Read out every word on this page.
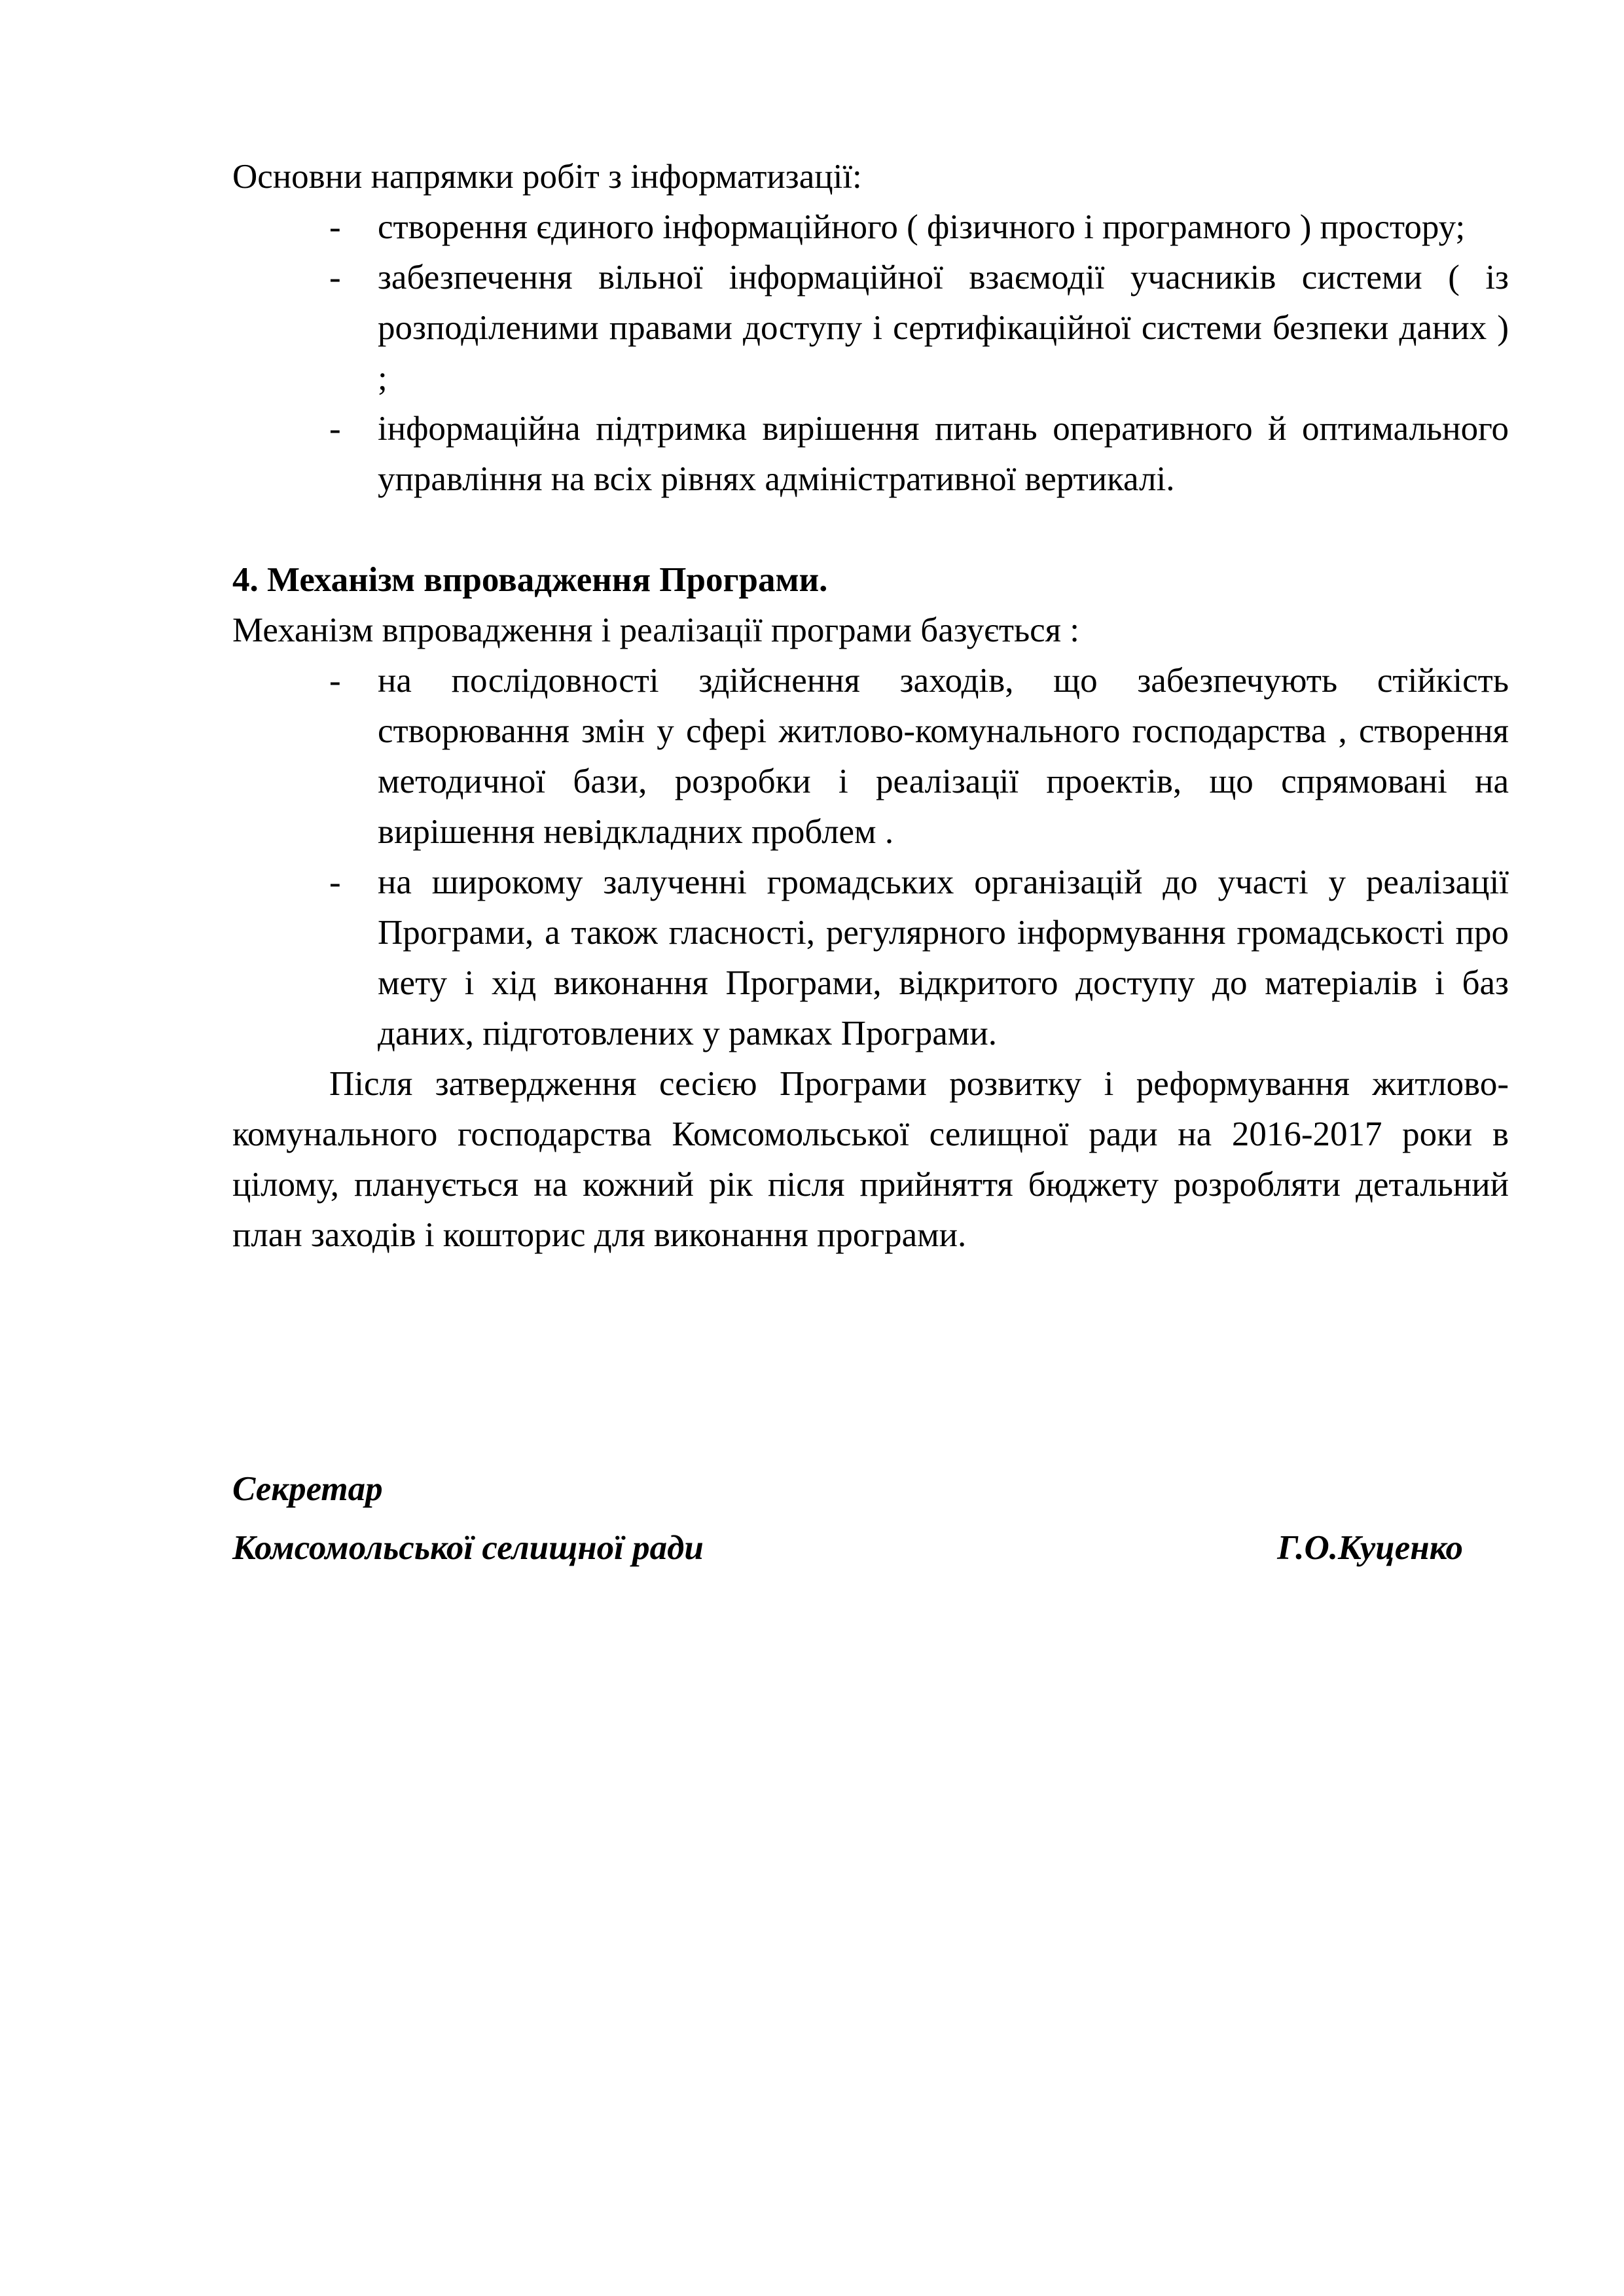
Основни напрямки робіт з інформатизації:

- створення єдиного інформаційного ( фізичного і програмного ) простору;
- забезпечення вільної інформаційної взаємодії учасників системи ( із розподіленими правами доступу і сертифікаційної системи безпеки даних ) ;
- інформаційна підтримка вирішення питань оперативного й оптимального управління на всіх рівнях адміністративної вертикалі.

4. Механізм впровадження Програми.

Механізм впровадження і реалізації програми базується :

- на послідовності здійснення заходів, що забезпечують стійкість створювання змін у сфері житлово-комунального господарства , створення методичної бази, розробки і реалізації проектів, що спрямовані на вирішення невідкладних проблем .
- на широкому залученні громадських організацій до участі у реалізації Програми, а також гласності, регулярного інформування громадськості про мету і хід виконання Програми, відкритого доступу до матеріалів і баз даних, підготовлених у рамках Програми.

Після затвердження сесією Програми розвитку і реформування житлово-комунального господарства Комсомольської селищної ради на 2016-2017 роки в цілому, планується на кожний рік після прийняття бюджету розробляти детальний план заходів і кошторис для виконання програми.

Секретар
Комсомольської селищної ради	Г.О.Куценко
